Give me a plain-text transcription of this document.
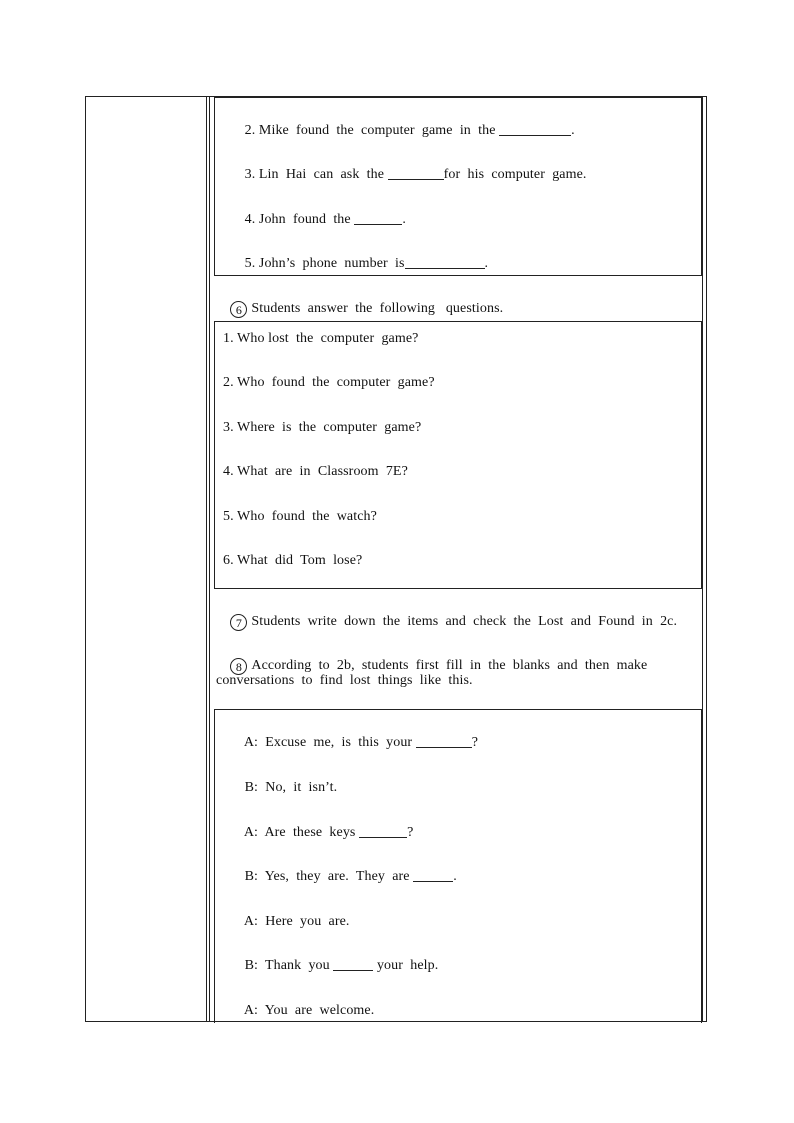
2. Mike  found  the  computer  game  in  the	.

3. Lin  Hai  can  ask  the	for  his  computer  game.

4. John  found  the	.

5. John’s  phone  number  is	.

6 Students  answer  the  following   questions.

1. Who lost  the  computer  game?
2. Who  found  the  computer  game?
3. Where  is  the  computer  game?
4. What  are  in  Classroom  7E?
5. Who  found  the  watch?
6. What  did  Tom  lose?

7 Students  write  down  the  items  and  check  the  Lost  and  Found  in  2c.

8 According  to  2b,  students  first  fill  in  the  blanks  and  then  make

conversations  to  find  lost  things  like  this.

A:  Excuse  me,  is  this  your	?

B:  No,  it  isn’t.

A:  Are  these  keys	?

B:  Yes,  they  are.  They  are	.

A:  Here  you  are.

B:  Thank  you	your  help.

A:  You  are  welcome.
